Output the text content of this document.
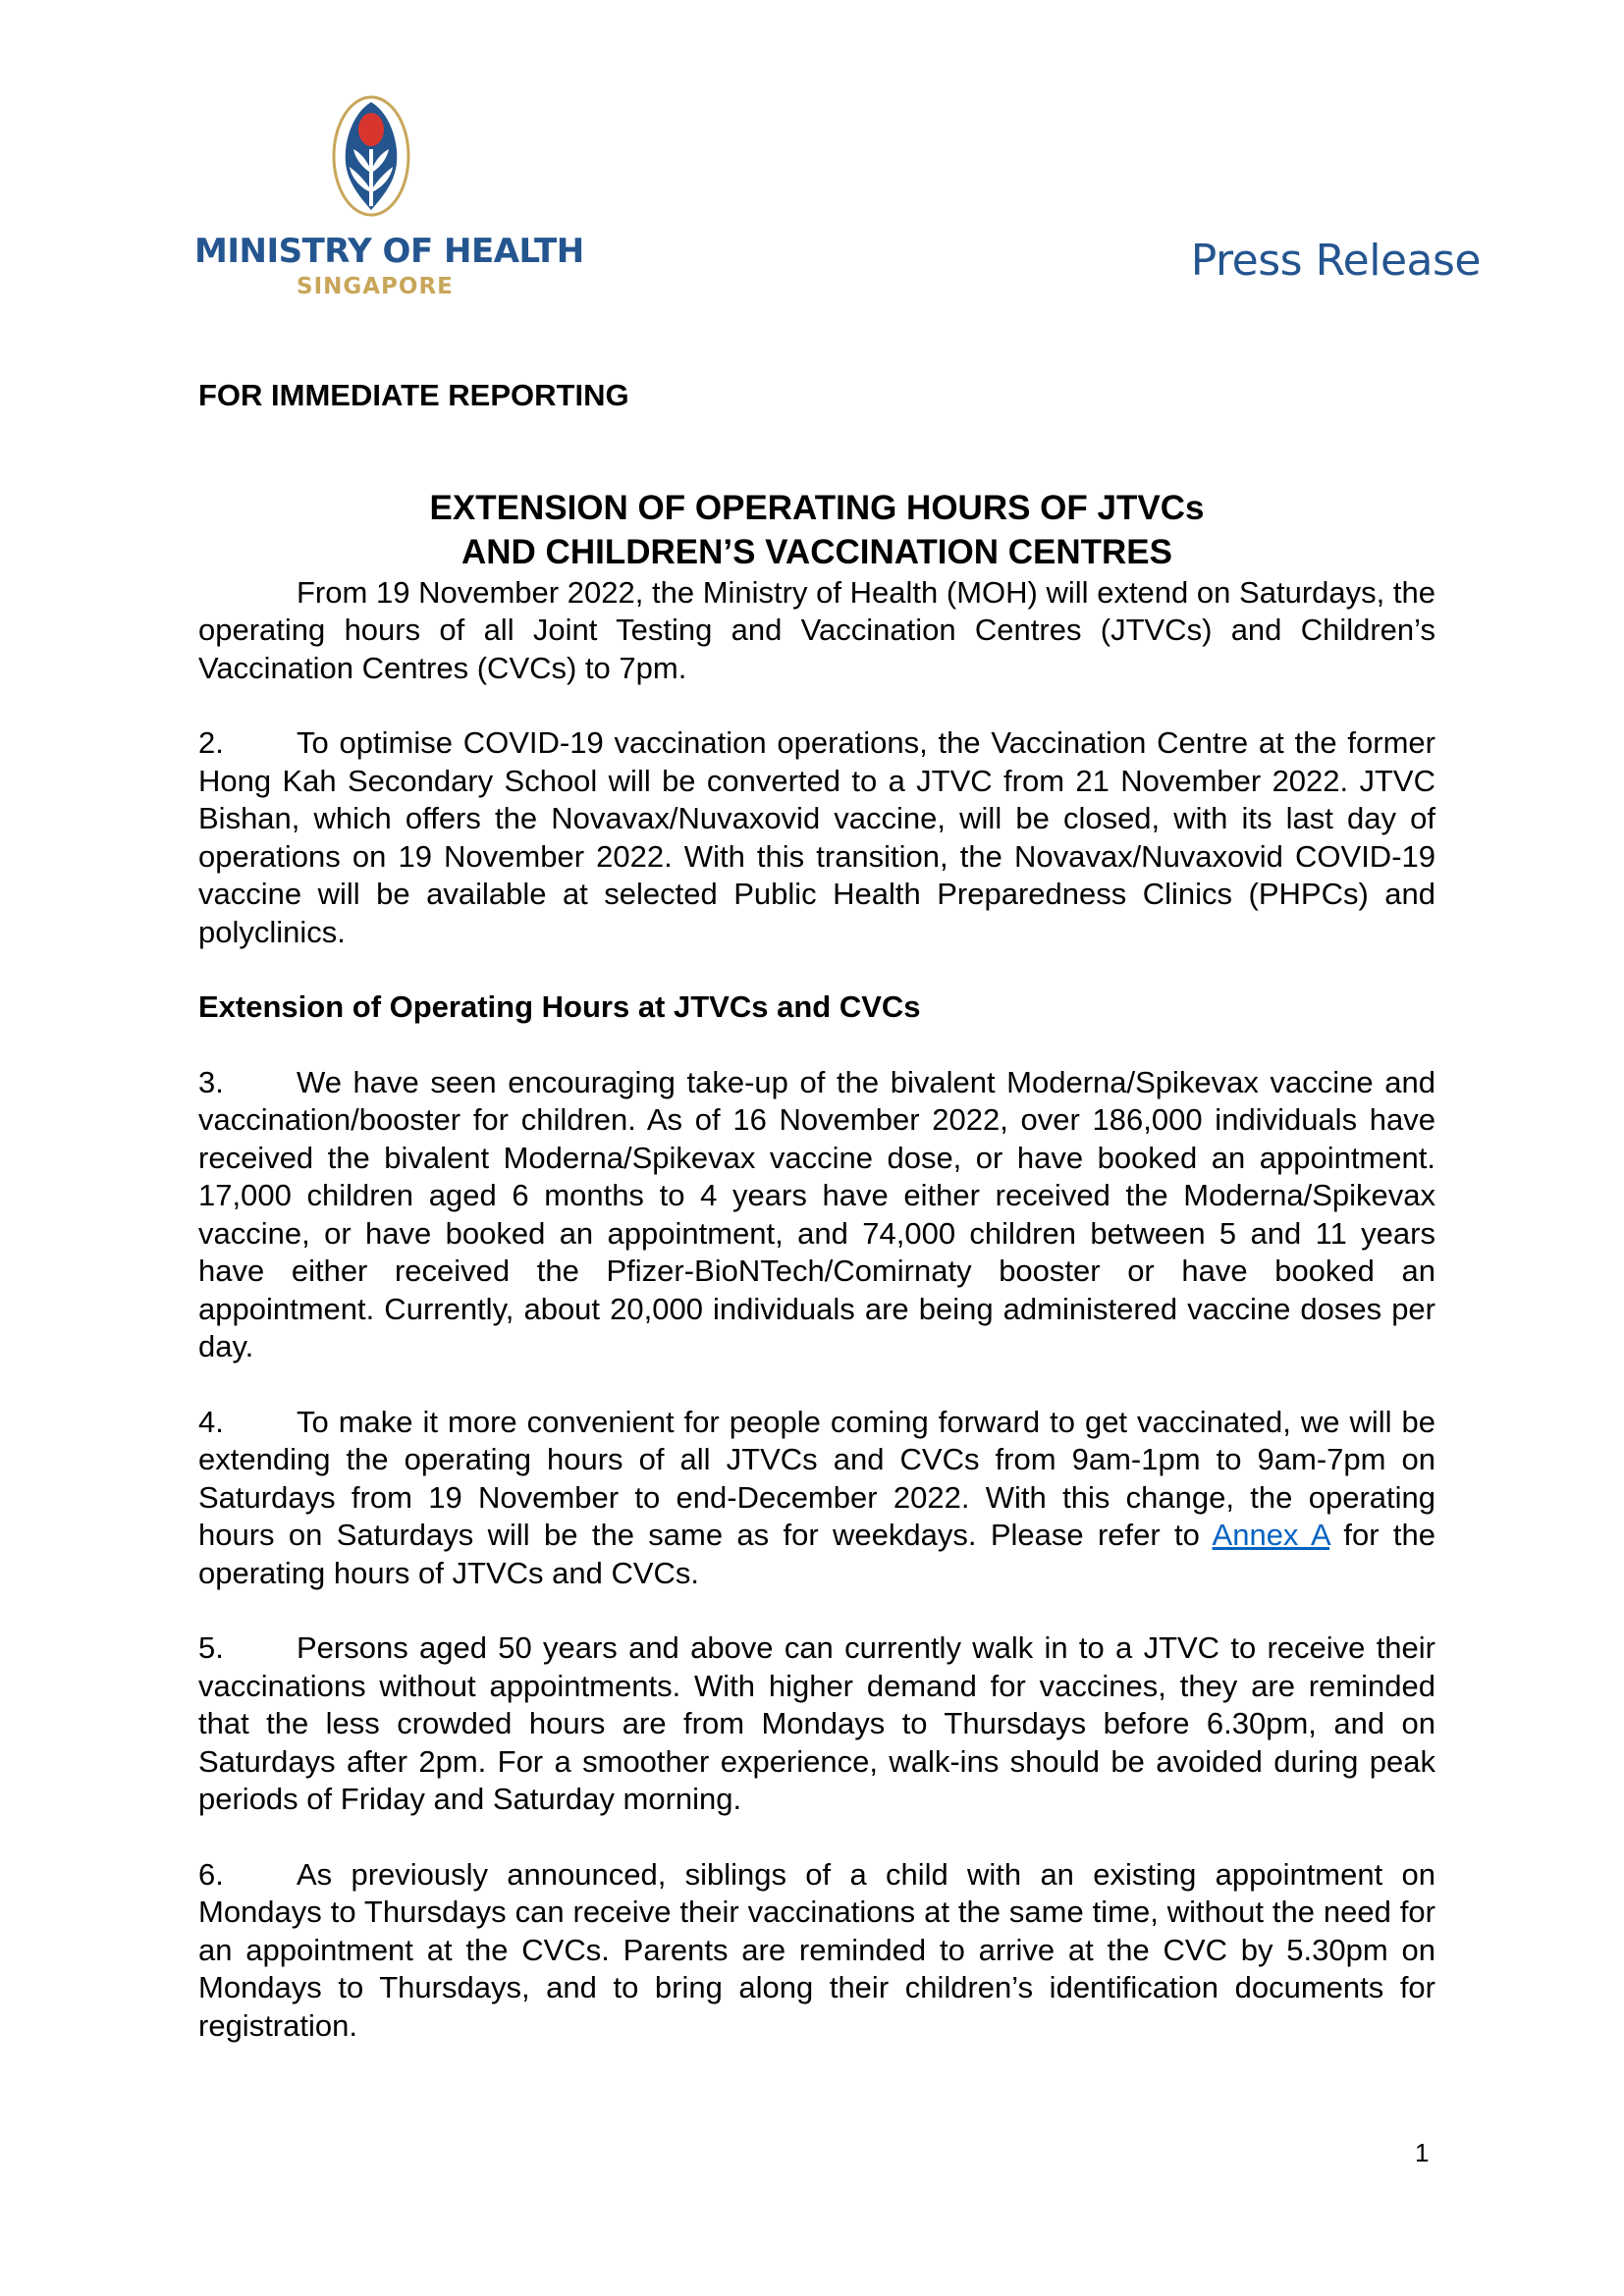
MINISTRY OF HEALTH
SINGAPORE
Press Release

FOR IMMEDIATE REPORTING

EXTENSION OF OPERATING HOURS OF JTVCs
AND CHILDREN’S VACCINATION CENTRES

From 19 November 2022, the Ministry of Health (MOH) will extend on Saturdays, the operating hours of all Joint Testing and Vaccination Centres (JTVCs) and Children’s Vaccination Centres (CVCs) to 7pm.

2. To optimise COVID-19 vaccination operations, the Vaccination Centre at the former Hong Kah Secondary School will be converted to a JTVC from 21 November 2022. JTVC Bishan, which offers the Novavax/Nuvaxovid vaccine, will be closed, with its last day of operations on 19 November 2022. With this transition, the Novavax/Nuvaxovid COVID-19 vaccine will be available at selected Public Health Preparedness Clinics (PHPCs) and polyclinics.

Extension of Operating Hours at JTVCs and CVCs

3. We have seen encouraging take-up of the bivalent Moderna/Spikevax vaccine and vaccination/booster for children. As of 16 November 2022, over 186,000 individuals have received the bivalent Moderna/Spikevax vaccine dose, or have booked an appointment. 17,000 children aged 6 months to 4 years have either received the Moderna/Spikevax vaccine, or have booked an appointment, and 74,000 children between 5 and 11 years have either received the Pfizer-BioNTech/Comirnaty booster or have booked an appointment. Currently, about 20,000 individuals are being administered vaccine doses per day.

4. To make it more convenient for people coming forward to get vaccinated, we will be extending the operating hours of all JTVCs and CVCs from 9am-1pm to 9am-7pm on Saturdays from 19 November to end-December 2022. With this change, the operating hours on Saturdays will be the same as for weekdays. Please refer to Annex A for the operating hours of JTVCs and CVCs.

5. Persons aged 50 years and above can currently walk in to a JTVC to receive their vaccinations without appointments. With higher demand for vaccines, they are reminded that the less crowded hours are from Mondays to Thursdays before 6.30pm, and on Saturdays after 2pm. For a smoother experience, walk-ins should be avoided during peak periods of Friday and Saturday morning.

6. As previously announced, siblings of a child with an existing appointment on Mondays to Thursdays can receive their vaccinations at the same time, without the need for an appointment at the CVCs. Parents are reminded to arrive at the CVC by 5.30pm on Mondays to Thursdays, and to bring along their children’s identification documents for registration.

1
